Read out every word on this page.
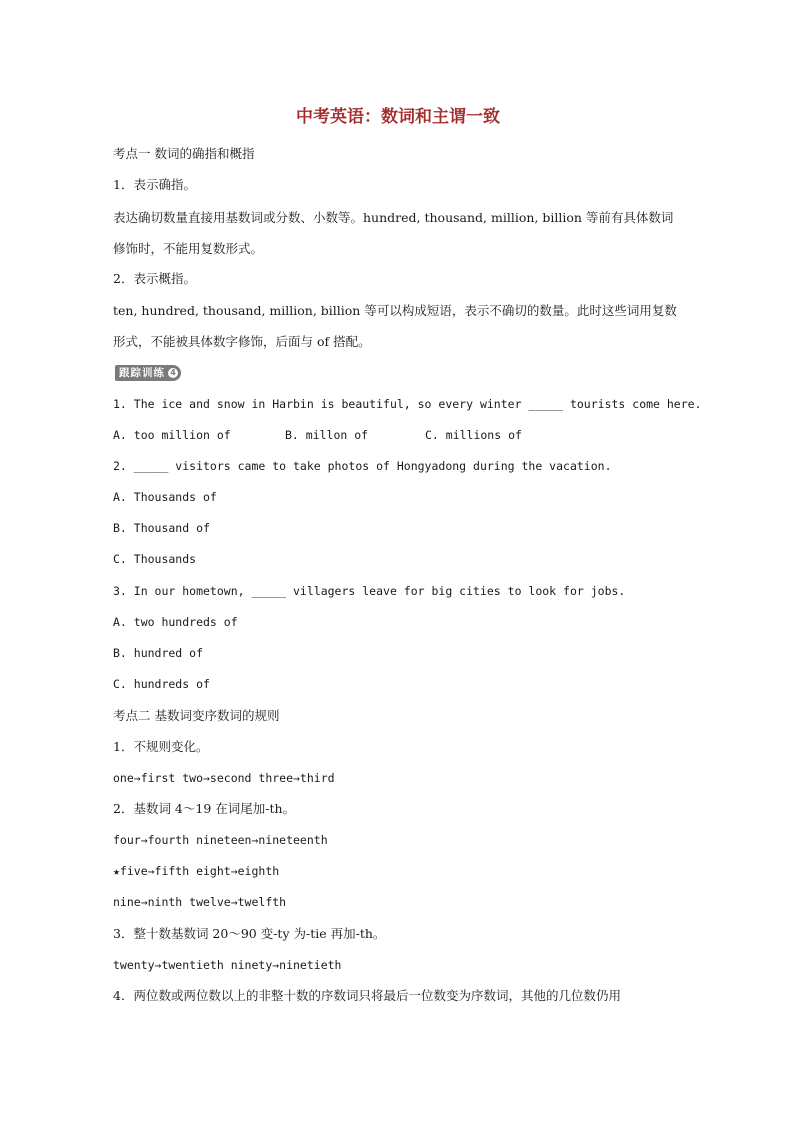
中考英语：数词和主谓一致

考点一 数词的确指和概指

1．表示确指。

表达确切数量直接用基数词或分数、小数等。hundred, thousand, million, billion 等前有具体数词修饰时，不能用复数形式。

2．表示概指。

ten, hundred, thousand, million, billion 等可以构成短语，表示不确切的数量。此时这些词用复数形式，不能被具体数字修饰，后面与 of 搭配。

跟踪训练 4

1. The ice and snow in Harbin is beautiful, so every winter _____ tourists come here.

A. too million of	B. millon of	C. millions of

2. _____ visitors came to take photos of Hongyadong during the vacation.

A. Thousands of

B. Thousand of

C. Thousands

3. In our hometown, _____ villagers leave for big cities to look for jobs.

A. two hundreds of

B. hundred of

C. hundreds of

考点二 基数词变序数词的规则

1．不规则变化。

one→first two→second three→third

2．基数词 4～19 在词尾加-th。

four→fourth nineteen→nineteenth

★five→fifth eight→eighth

nine→ninth twelve→twelfth

3．整十数基数词 20～90 变-ty 为-tie 再加-th。

twenty→twentieth ninety→ninetieth

4．两位数或两位数以上的非整十数的序数词只将最后一位数变为序数词，其他的几位数仍用
